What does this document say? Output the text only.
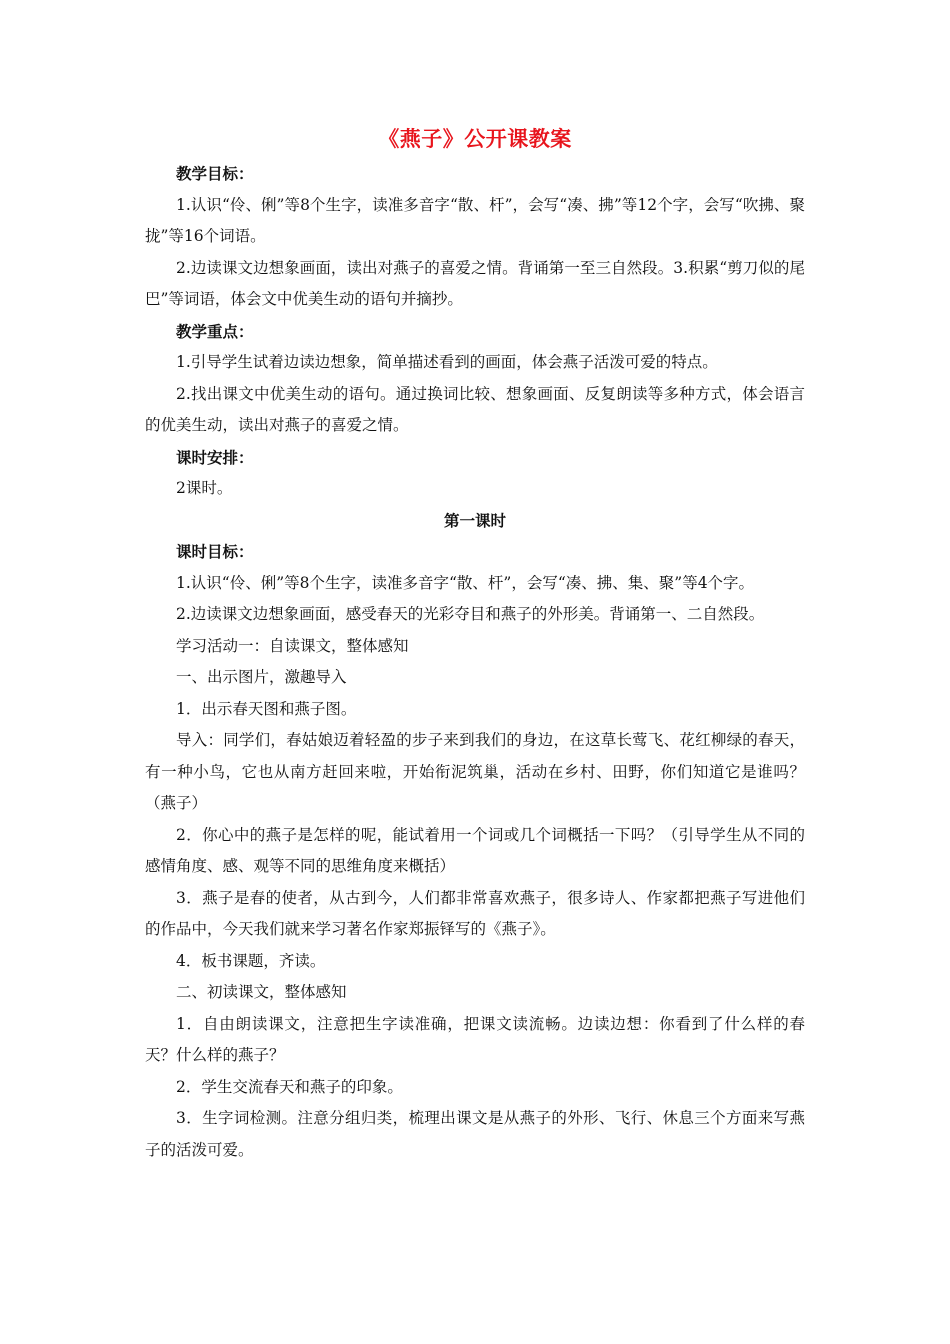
《燕子》公开课教案

教学目标：

1.认识“伶、俐”等8个生字，读准多音字“散、杆”，会写“凑、拂”等12个字，会写“吹拂、聚拢”等16个词语。

2.边读课文边想象画面，读出对燕子的喜爱之情。背诵第一至三自然段。3.积累“剪刀似的尾巴”等词语，体会文中优美生动的语句并摘抄。

教学重点：

1.引导学生试着边读边想象，简单描述看到的画面，体会燕子活泼可爱的特点。

2.找出课文中优美生动的语句。通过换词比较、想象画面、反复朗读等多种方式，体会语言的优美生动，读出对燕子的喜爱之情。

课时安排：

2课时。

第一课时

课时目标：

1.认识“伶、俐”等8个生字，读准多音字“散、杆”，会写“凑、拂、集、聚”等4个字。

2.边读课文边想象画面，感受春天的光彩夺目和燕子的外形美。背诵第一、二自然段。

学习活动一：自读课文，整体感知

一、出示图片，激趣导入

1．出示春天图和燕子图。

导入：同学们，春姑娘迈着轻盈的步子来到我们的身边，在这草长莺飞、花红柳绿的春天，有一种小鸟，它也从南方赶回来啦，开始衔泥筑巢，活动在乡村、田野，你们知道它是谁吗？（燕子）

2．你心中的燕子是怎样的呢，能试着用一个词或几个词概括一下吗？（引导学生从不同的感情角度、感、观等不同的思维角度来概括）

3．燕子是春的使者，从古到今，人们都非常喜欢燕子，很多诗人、作家都把燕子写进他们的作品中，今天我们就来学习著名作家郑振铎写的《燕子》。

4．板书课题，齐读。

二、初读课文，整体感知

1．自由朗读课文，注意把生字读准确，把课文读流畅。边读边想：你看到了什么样的春天？什么样的燕子？

2．学生交流春天和燕子的印象。

3．生字词检测。注意分组归类，梳理出课文是从燕子的外形、飞行、休息三个方面来写燕子的活泼可爱。
